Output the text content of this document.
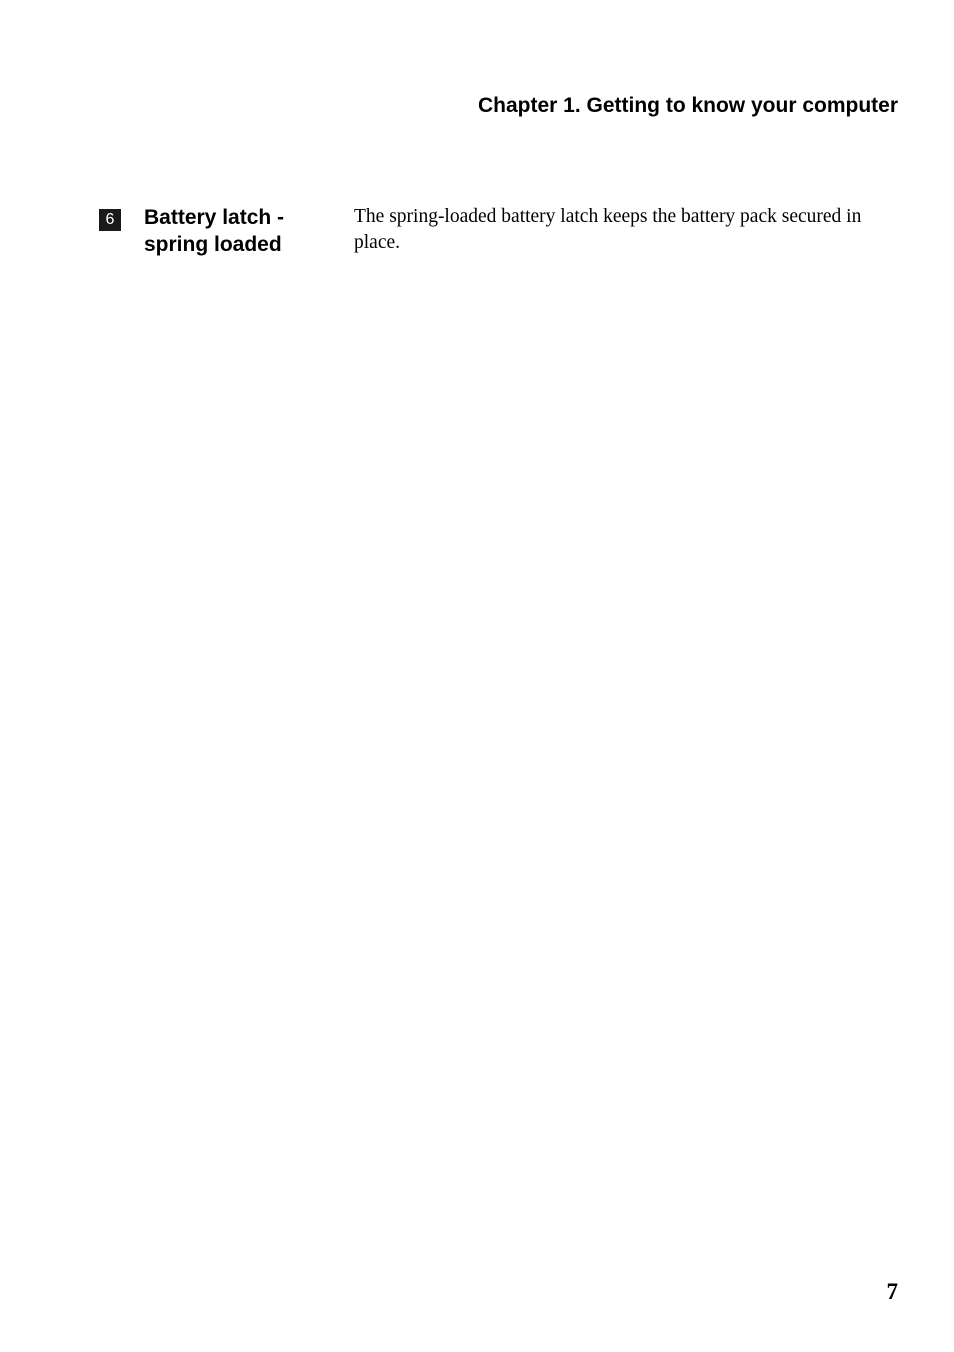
Chapter 1. Getting to know your computer
6	Battery latch - spring loaded
The spring-loaded battery latch keeps the battery pack secured in place.
7
